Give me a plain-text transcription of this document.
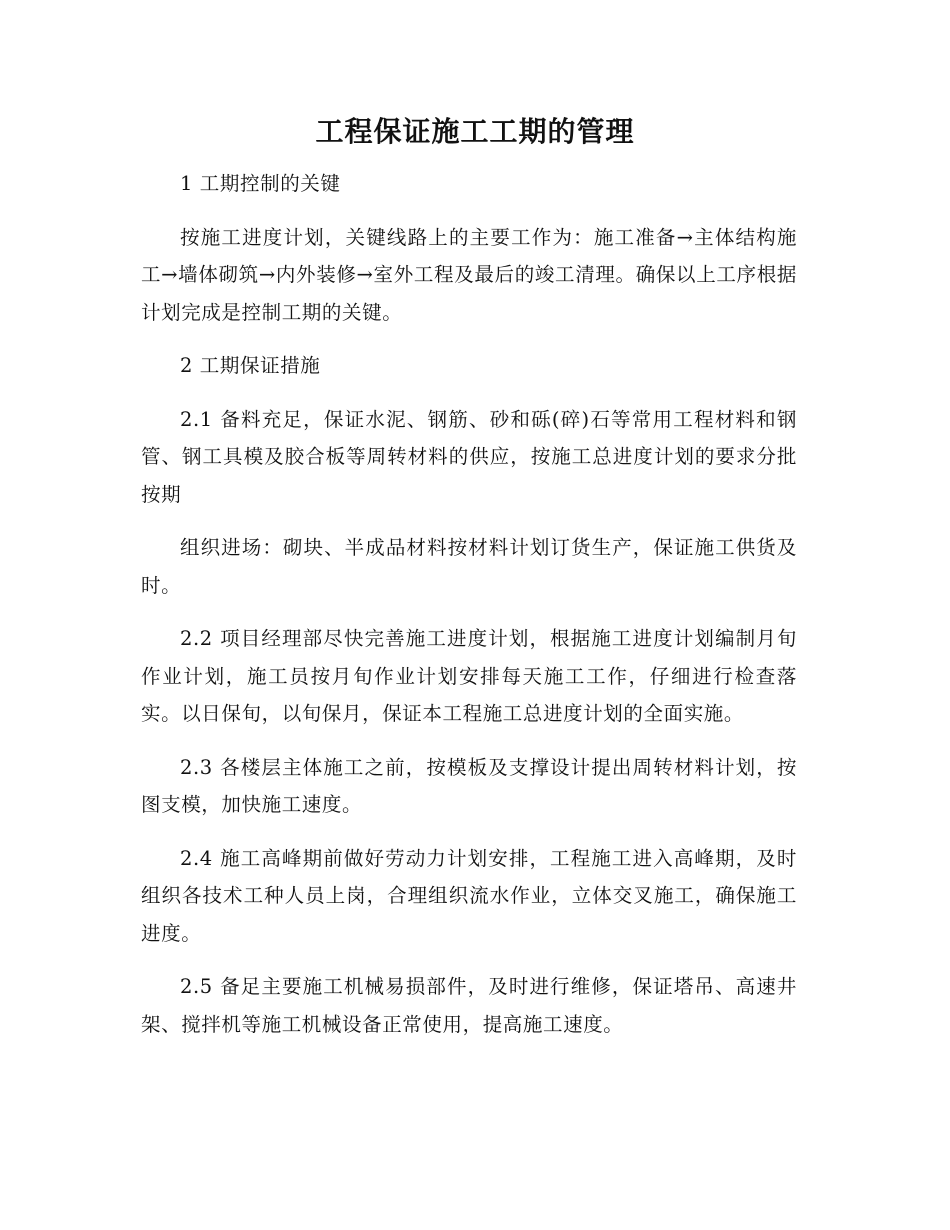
工程保证施工工期的管理

1 工期控制的关键

按施工进度计划，关键线路上的主要工作为：施工准备→主体结构施工→墙体砌筑→内外装修→室外工程及最后的竣工清理。确保以上工序根据计划完成是控制工期的关键。

2 工期保证措施

2.1 备料充足，保证水泥、钢筋、砂和砾(碎)石等常用工程材料和钢管、钢工具模及胶合板等周转材料的供应，按施工总进度计划的要求分批按期

组织进场：砌块、半成品材料按材料计划订货生产，保证施工供货及时。

2.2 项目经理部尽快完善施工进度计划，根据施工进度计划编制月旬作业计划，施工员按月旬作业计划安排每天施工工作，仔细进行检查落实。以日保旬，以旬保月，保证本工程施工总进度计划的全面实施。

2.3 各楼层主体施工之前，按模板及支撑设计提出周转材料计划，按图支模，加快施工速度。

2.4 施工高峰期前做好劳动力计划安排，工程施工进入高峰期，及时组织各技术工种人员上岗，合理组织流水作业，立体交叉施工，确保施工进度。

2.5 备足主要施工机械易损部件，及时进行维修，保证塔吊、高速井架、搅拌机等施工机械设备正常使用，提高施工速度。
